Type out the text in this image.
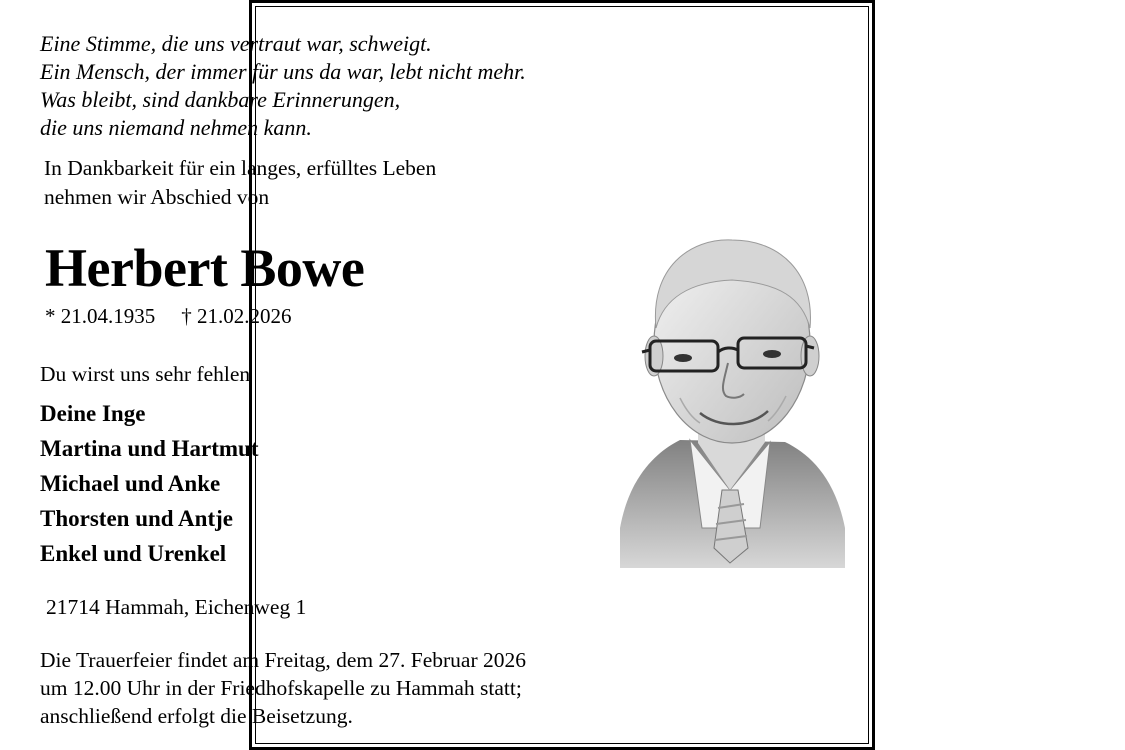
Eine Stimme, die uns vertraut war, schweigt.
Ein Mensch, der immer für uns da war, lebt nicht mehr.
Was bleibt, sind dankbare Erinnerungen,
die uns niemand nehmen kann.
In Dankbarkeit für ein langes, erfülltes Leben
nehmen wir Abschied von
Herbert Bowe
* 21.04.1935 † 21.02.2026
Du wirst uns sehr fehlen
Deine Inge
Martina und Hartmut
Michael und Anke
Thorsten und Antje
Enkel und Urenkel
21714 Hammah, Eichenweg 1
Die Trauerfeier findet am Freitag, dem 27. Februar 2026
um 12.00 Uhr in der Friedhofskapelle zu Hammah statt;
anschließend erfolgt die Beisetzung.
